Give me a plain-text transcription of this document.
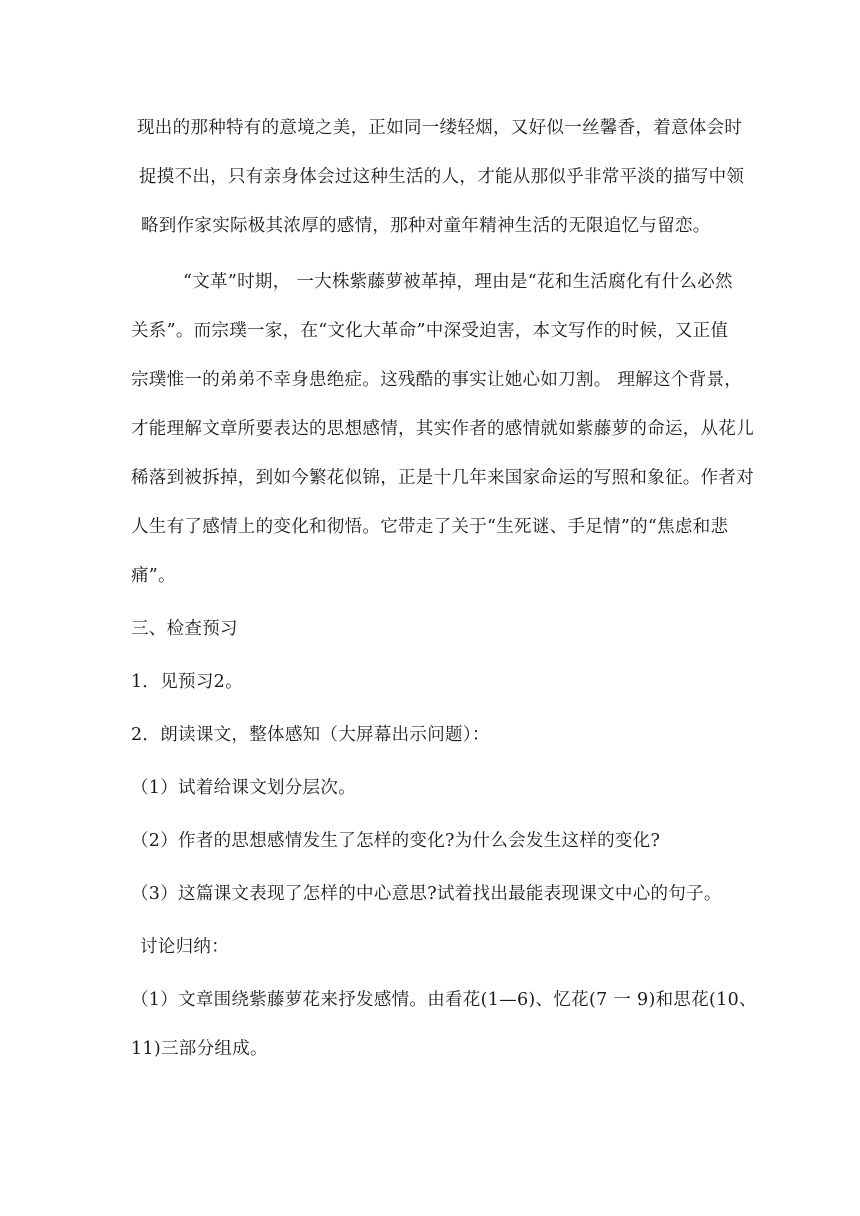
现出的那种特有的意境之美，正如同一缕轻烟，又好似一丝馨香，着意体会时
捉摸不出，只有亲身体会过这种生活的人，才能从那似乎非常平淡的描写中领
略到作家实际极其浓厚的感情，那种对童年精神生活的无限追忆与留恋。
“文革”时期， 一大株紫藤萝被革掉，理由是“花和生活腐化有什么必然
关系”。而宗璞一家，在“文化大革命”中深受迫害，本文写作的时候，又正值
宗璞惟一的弟弟不幸身患绝症。这残酷的事实让她心如刀割。 理解这个背景，
才能理解文章所要表达的思想感情，其实作者的感情就如紫藤萝的命运，从花儿
稀落到被拆掉，到如今繁花似锦，正是十几年来国家命运的写照和象征。作者对
人生有了感情上的变化和彻悟。它带走了关于“生死谜、手足情”的“焦虑和悲
痛”。
三、检查预习
1．见预习2。
2．朗读课文，整体感知（大屏幕出示问题）：
（1）试着给课文划分层次。
（2）作者的思想感情发生了怎样的变化?为什么会发生这样的变化?
（3）这篇课文表现了怎样的中心意思?试着找出最能表现课文中心的句子。
讨论归纳：
（1）文章围绕紫藤萝花来抒发感情。由看花(1—6)、忆花(7 一 9)和思花(10、
11)三部分组成。
